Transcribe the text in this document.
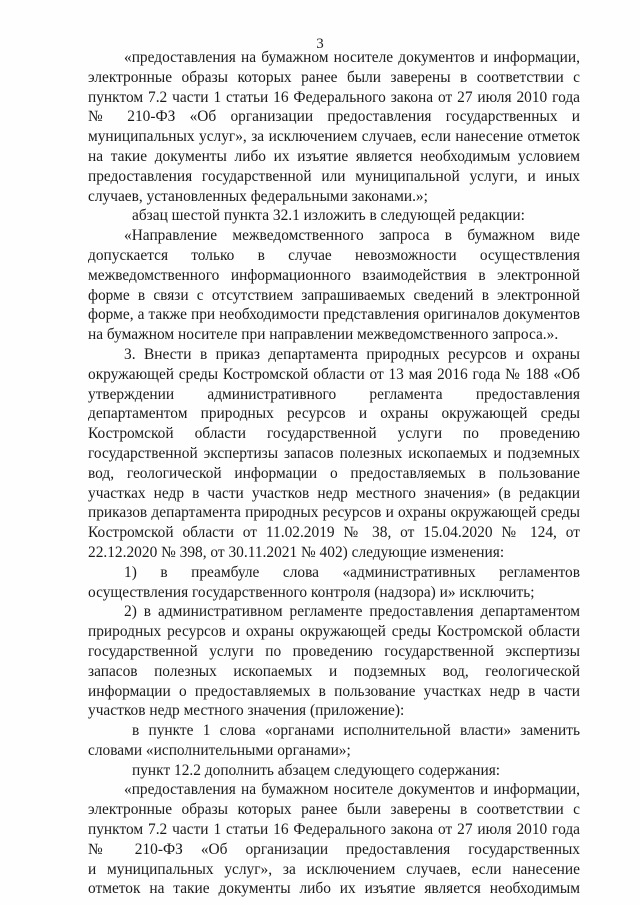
3
«предоставления на бумажном носителе документов и информации,
электронные образы которых ранее были заверены в соответствии с
пунктом 7.2 части 1 статьи 16 Федерального закона от 27 июля 2010 года
№ 210-ФЗ «Об организации предоставления государственных и
муниципальных услуг», за исключением случаев, если нанесение отметок
на такие документы либо их изъятие является необходимым условием
предоставления государственной или муниципальной услуги, и иных
случаев, установленных федеральными законами.»;
абзац шестой пункта 32.1 изложить в следующей редакции:
«Направление межведомственного запроса в бумажном виде
допускается только в случае невозможности осуществления
межведомственного информационного взаимодействия в электронной
форме в связи с отсутствием запрашиваемых сведений в электронной
форме, а также при необходимости представления оригиналов документов
на бумажном носителе при направлении межведомственного запроса.».
3. Внести в приказ департамента природных ресурсов и охраны
окружающей среды Костромской области от 13 мая 2016 года № 188 «Об
утверждении административного регламента предоставления
департаментом природных ресурсов и охраны окружающей среды
Костромской области государственной услуги по проведению
государственной экспертизы запасов полезных ископаемых и подземных
вод, геологической информации о предоставляемых в пользование
участках недр в части участков недр местного значения» (в редакции
приказов департамента природных ресурсов и охраны окружающей среды
Костромской области от 11.02.2019 № 38, от 15.04.2020 № 124, от
22.12.2020 № 398, от 30.11.2021 № 402) следующие изменения:
1) в преамбуле слова «административных регламентов
осуществления государственного контроля (надзора) и» исключить;
2) в административном регламенте предоставления департаментом
природных ресурсов и охраны окружающей среды Костромской области
государственной услуги по проведению государственной экспертизы
запасов полезных ископаемых и подземных вод, геологической
информации о предоставляемых в пользование участках недр в части
участков недр местного значения (приложение):
в пункте 1 слова «органами исполнительной власти» заменить
словами «исполнительными органами»;
пункт 12.2 дополнить абзацем следующего содержания:
«предоставления на бумажном носителе документов и информации,
электронные образы которых ранее были заверены в соответствии с
пунктом 7.2 части 1 статьи 16 Федерального закона от 27 июля 2010 года
№ 210-ФЗ «Об организации предоставления государственных
и муниципальных услуг», за исключением случаев, если нанесение
отметок на такие документы либо их изъятие является необходимым
